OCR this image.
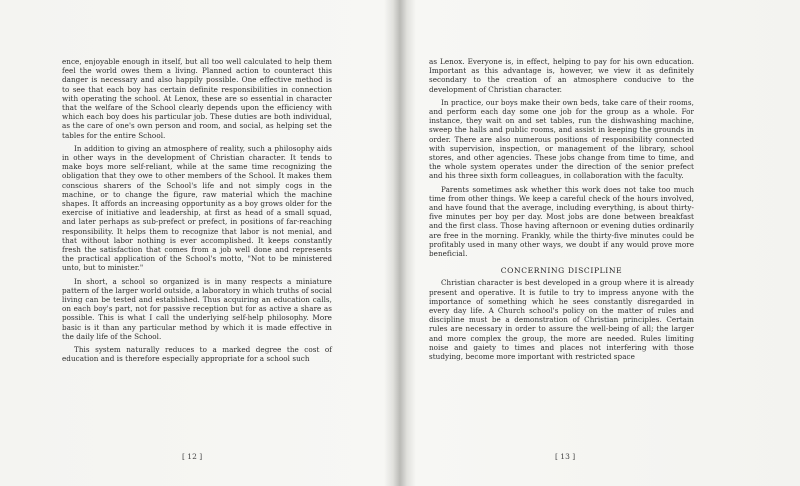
ence, enjoyable enough in itself, but all too well calculated to help them feel the world owes them a living. Planned action to counteract this danger is necessary and also happily possible. One effective method is to see that each boy has certain definite responsibilities in connection with operating the school. At Lenox, these are so essential in character that the welfare of the School clearly depends upon the efficiency with which each boy does his particular job. These duties are both individual, as the care of one's own person and room, and social, as helping set the tables for the entire School.

In addition to giving an atmosphere of reality, such a philosophy aids in other ways in the development of Christian character. It tends to make boys more self-reliant, while at the same time recognizing the obligation that they owe to other members of the School. It makes them conscious sharers of the School's life and not simply cogs in the machine, or to change the figure, raw material which the machine shapes. It affords an increasing opportunity as a boy grows older for the exercise of initiative and leadership, at first as head of a small squad, and later perhaps as sub-prefect or prefect, in positions of far-reaching responsibility. It helps them to recognize that labor is not menial, and that without labor nothing is ever accomplished. It keeps constantly fresh the satisfaction that comes from a job well done and represents the practical application of the School's motto, "Not to be ministered unto, but to minister."

In short, a school so organized is in many respects a miniature pattern of the larger world outside, a laboratory in which truths of social living can be tested and established. Thus acquiring an education calls, on each boy's part, not for passive reception but for as active a share as possible. This is what I call the underlying self-help philosophy. More basic is it than any particular method by which it is made effective in the daily life of the School.

This system naturally reduces to a marked degree the cost of education and is therefore especially appropriate for a school such

[ 12 ]

as Lenox. Everyone is, in effect, helping to pay for his own education. Important as this advantage is, however, we view it as definitely secondary to the creation of an atmosphere conducive to the development of Christian character.

In practice, our boys make their own beds, take care of their rooms, and perform each day some one job for the group as a whole. For instance, they wait on and set tables, run the dishwashing machine, sweep the halls and public rooms, and assist in keeping the grounds in order. There are also numerous positions of responsibility connected with supervision, inspection, or management of the library, school stores, and other agencies. These jobs change from time to time, and the whole system operates under the direction of the senior prefect and his three sixth form colleagues, in collaboration with the faculty.

Parents sometimes ask whether this work does not take too much time from other things. We keep a careful check of the hours involved, and have found that the average, including everything, is about thirty-five minutes per boy per day. Most jobs are done between breakfast and the first class. Those having afternoon or evening duties ordinarily are free in the morning. Frankly, while the thirty-five minutes could be profitably used in many other ways, we doubt if any would prove more beneficial.

CONCERNING DISCIPLINE

Christian character is best developed in a group where it is already present and operative. It is futile to try to impress anyone with the importance of something which he sees constantly disregarded in every day life. A Church school's policy on the matter of rules and discipline must be a demonstration of Christian principles. Certain rules are necessary in order to assure the well-being of all; the larger and more complex the group, the more are needed. Rules limiting noise and gaiety to times and places not interfering with those studying, become more important with restricted space

[ 13 ]
